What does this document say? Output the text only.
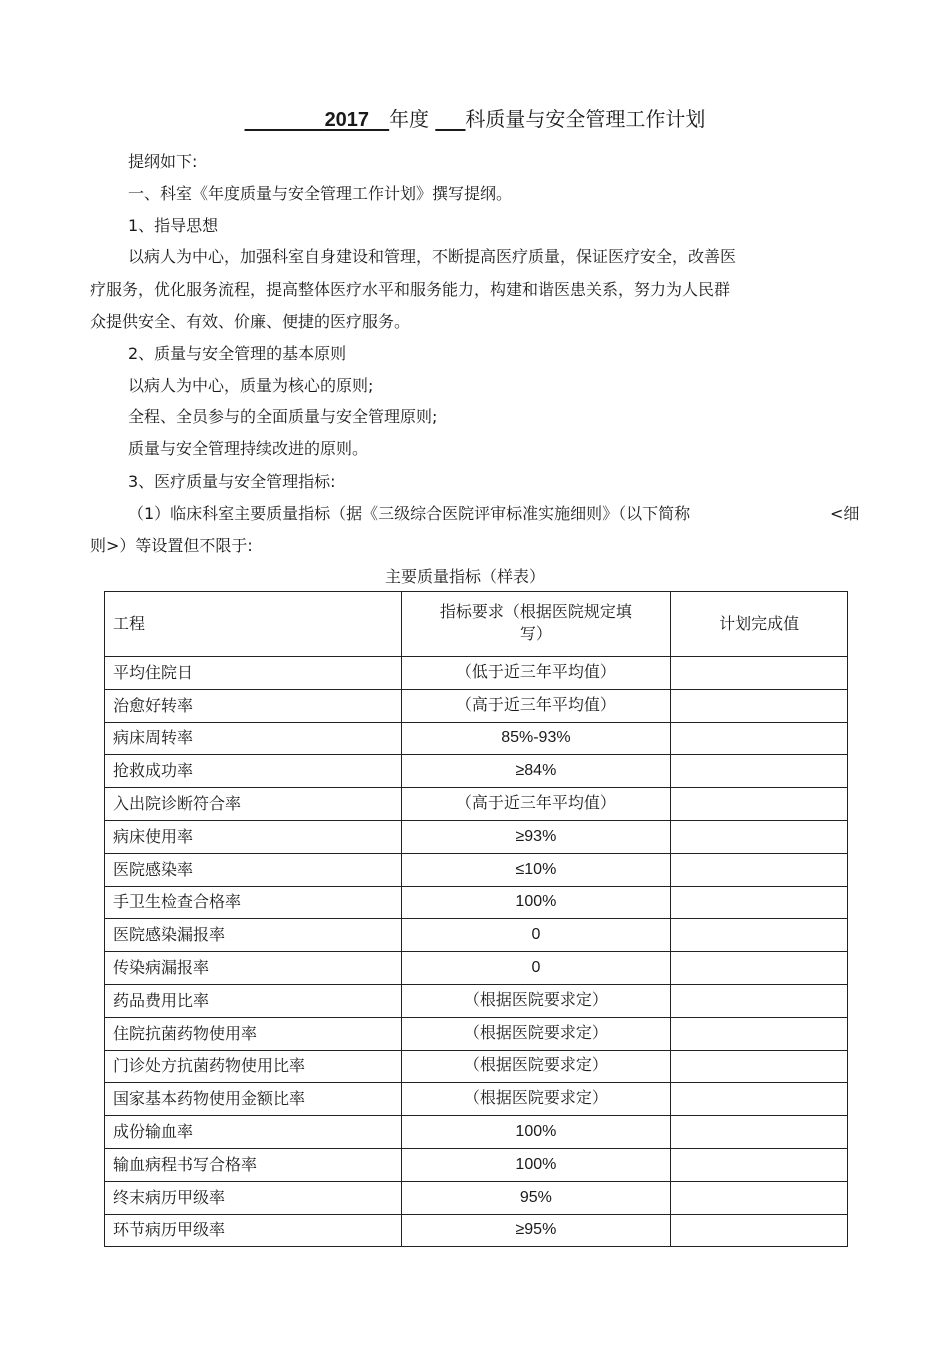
________2017__年度 ___科质量与安全管理工作计划
提纲如下:
一、科室《年度质量与安全管理工作计划》撰写提纲。
1、指导思想
以病人为中心，加强科室自身建设和管理，不断提高医疗质量，保证医疗安全，改善医
疗服务，优化服务流程，提高整体医疗水平和服务能力，构建和谐医患关系，努力为人民群
众提供安全、有效、价廉、便捷的医疗服务。
2、质量与安全管理的基本原则
以病人为中心，质量为核心的原则;
全程、全员参与的全面质量与安全管理原则;
质量与安全管理持续改进的原则。
3、医疗质量与安全管理指标:
（1）临床科室主要质量指标（据《三级综合医院评审标准实施细则》（以下简称	<细
则>）等设置但不限于:
主要质量指标（样表）
工程	指标要求（根据医院规定填
写）	计划完成值
平均住院日	（低于近三年平均值）	
治愈好转率	（高于近三年平均值）	
病床周转率	85%-93%	
抢救成功率	≥84%	
入出院诊断符合率	（高于近三年平均值）	
病床使用率	≥93%	
医院感染率	≤10%	
手卫生检查合格率	100%	
医院感染漏报率	0	
传染病漏报率	0	
药品费用比率	（根据医院要求定）	
住院抗菌药物使用率	（根据医院要求定）	
门诊处方抗菌药物使用比率	（根据医院要求定）	
国家基本药物使用金额比率	（根据医院要求定）	
成份输血率	100%	
输血病程书写合格率	100%	
终末病历甲级率	95%	
环节病历甲级率	≥95%	
